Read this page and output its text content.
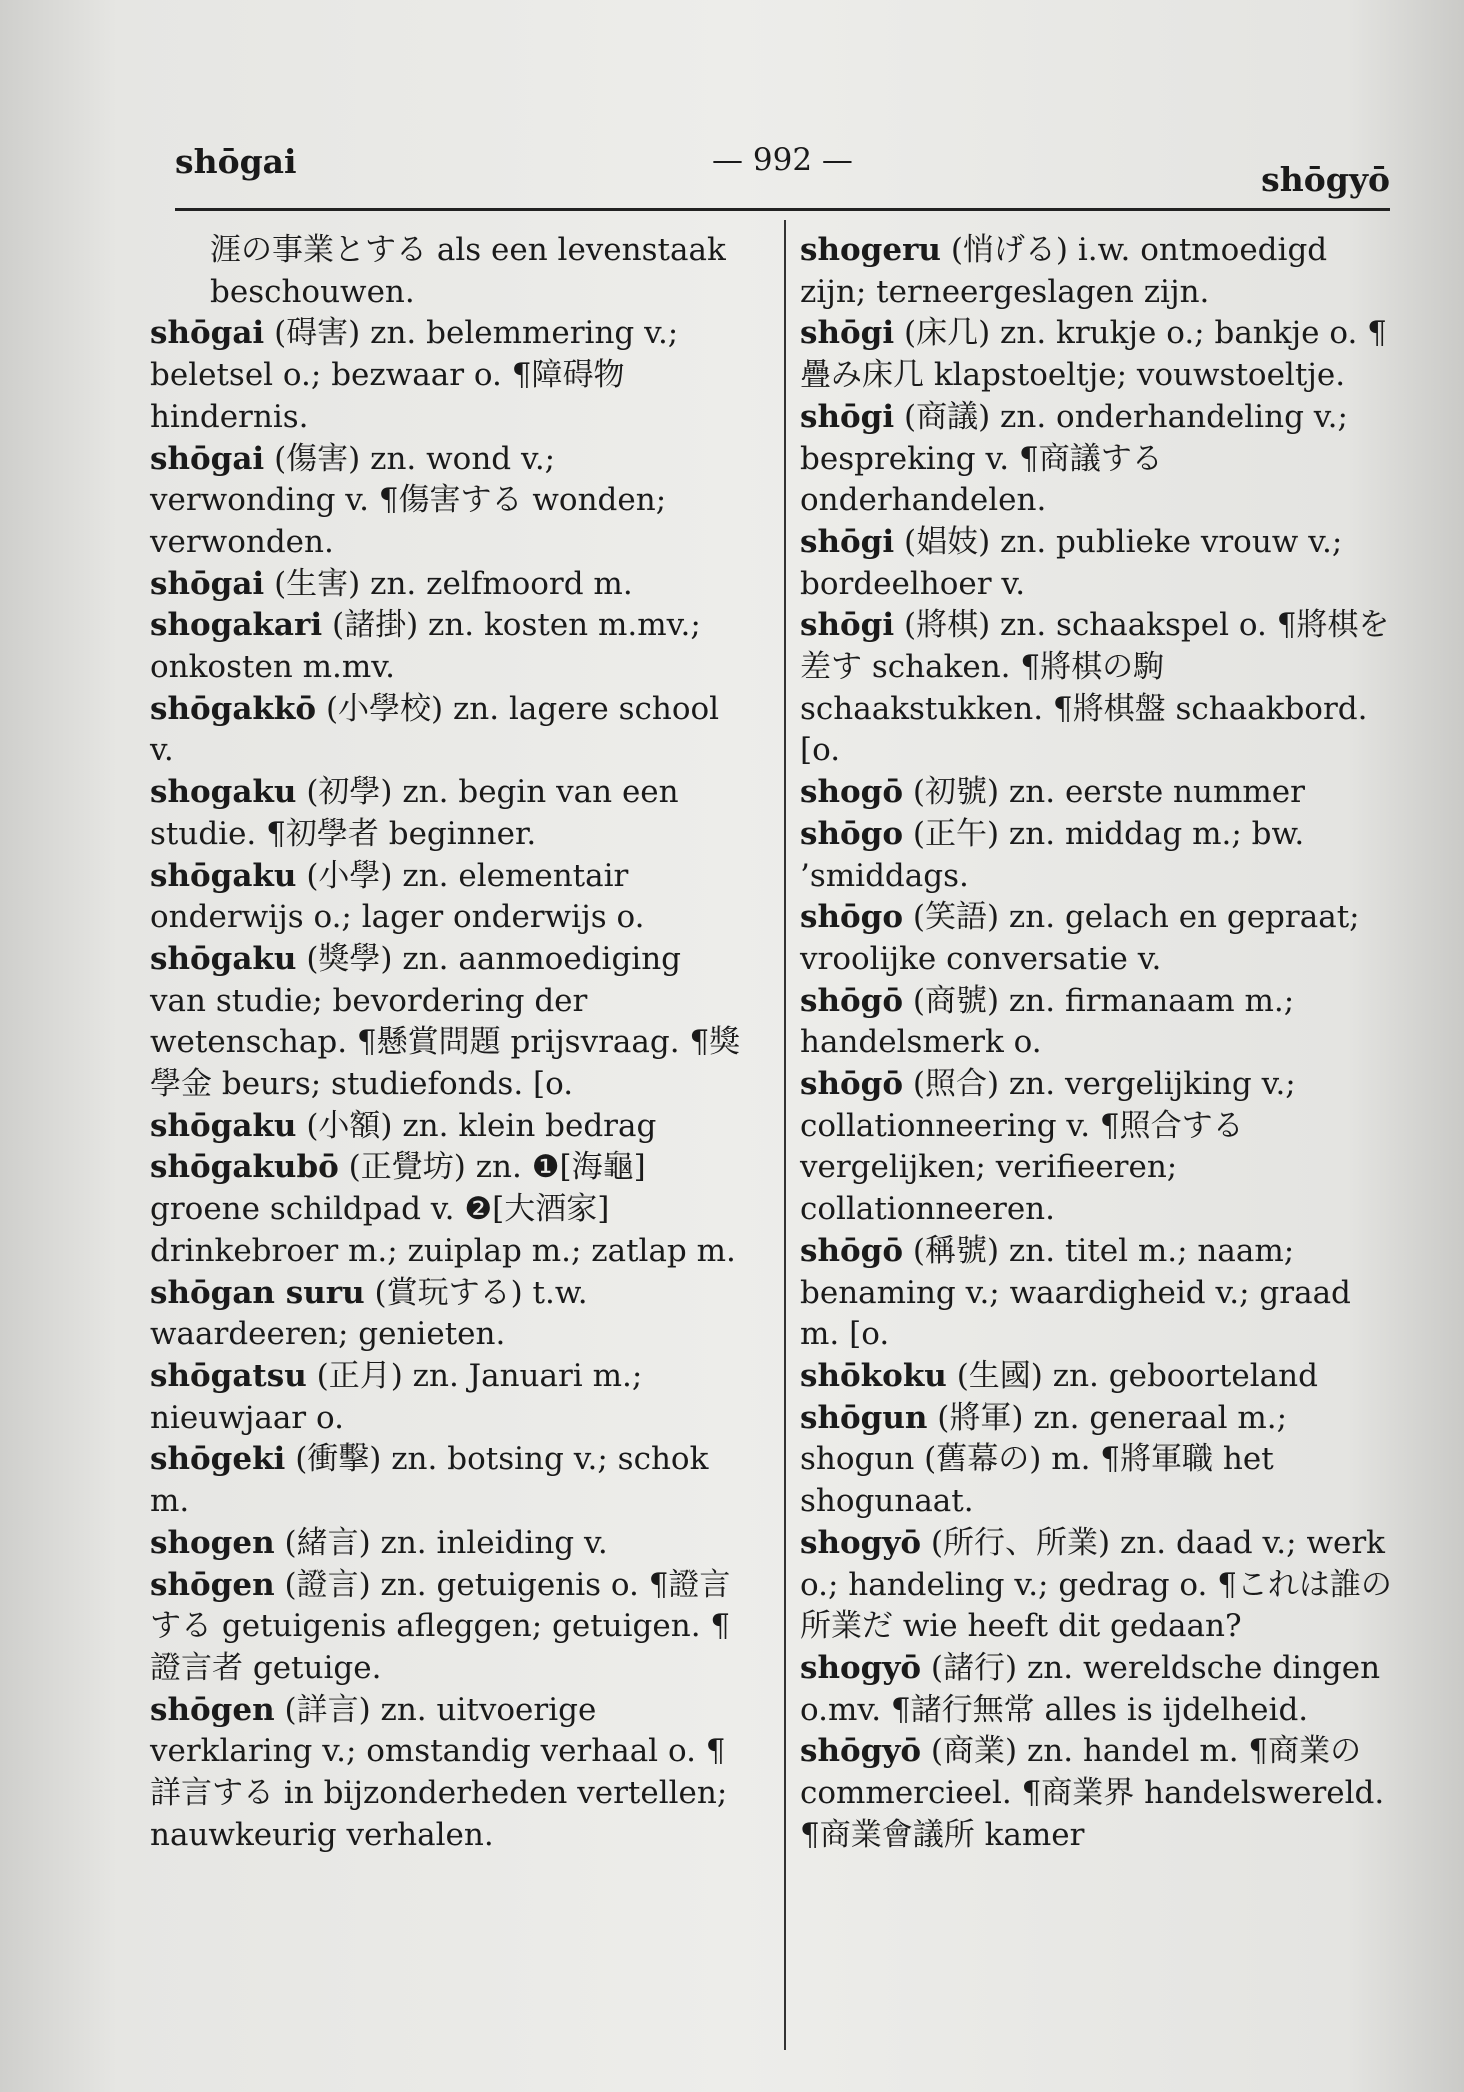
shōgai	— 992 —	shōgyō

涯の事業とする als een levenstaak beschouwen.

shōgai (碍害) zn. belemmering v.; beletsel o.; bezwaar o. ¶障碍物 hindernis.

shōgai (傷害) zn. wond v.; verwonding v. ¶傷害する wonden; verwonden.

shōgai (生害) zn. zelfmoord m.

shogakari (諸掛) zn. kosten m.mv.; onkosten m.mv.

shōgakkō (小學校) zn. lagere school v.

shogaku (初學) zn. begin van een studie. ¶初學者 beginner.

shōgaku (小學) zn. elementair onderwijs o.; lager onderwijs o.

shōgaku (獎學) zn. aanmoediging van studie; bevordering der wetenschap. ¶懸賞問題 prijsvraag. ¶獎學金 beurs; studiefonds. [o.

shōgaku (小額) zn. klein bedrag

shōgakubō (正覺坊) zn. ❶[海龜] groene schildpad v. ❷[大酒家] drinkebroer m.; zuiplap m.; zatlap m.

shōgan suru (賞玩する) t.w. waardeeren; genieten.

shōgatsu (正月) zn. Januari m.; nieuwjaar o.

shōgeki (衝擊) zn. botsing v.; schok m.

shogen (緒言) zn. inleiding v.

shōgen (證言) zn. getuigenis o. ¶證言する getuigenis afleggen; getuigen. ¶證言者 getuige.

shōgen (詳言) zn. uitvoerige verklaring v.; omstandig verhaal o. ¶詳言する in bijzonderheden vertellen; nauwkeurig verhalen.

shogeru (悄げる) i.w. ontmoedigd zijn; terneergeslagen zijn.

shōgi (床几) zn. krukje o.; bankje o. ¶疊み床几 klapstoeltje; vouwstoeltje.

shōgi (商議) zn. onderhandeling v.; bespreking v. ¶商議する onderhandelen.

shōgi (娼妓) zn. publieke vrouw v.; bordeelhoer v.

shōgi (將棋) zn. schaakspel o. ¶將棋を差す schaken. ¶將棋の駒 schaakstukken. ¶將棋盤 schaakbord. [o.

shogō (初號) zn. eerste nummer

shōgo (正午) zn. middag m.; bw. ’smiddags.

shōgo (笑語) zn. gelach en gepraat; vroolijke conversatie v.

shōgō (商號) zn. firmanaam m.; handelsmerk o.

shōgō (照合) zn. vergelijking v.; collationneering v. ¶照合する vergelijken; verifieeren; collationneeren.

shōgō (稱號) zn. titel m.; naam; benaming v.; waardigheid v.; graad m. [o.

shōkoku (生國) zn. geboorteland

shōgun (將軍) zn. generaal m.; shogun (舊幕の) m. ¶將軍職 het shogunaat.

shogyō (所行、所業) zn. daad v.; werk o.; handeling v.; gedrag o. ¶これは誰の所業だ wie heeft dit gedaan?

shogyō (諸行) zn. wereldsche dingen o.mv. ¶諸行無常 alles is ijdelheid.

shōgyō (商業) zn. handel m. ¶商業の commercieel. ¶商業界 handelswereld. ¶商業會議所 kamer
